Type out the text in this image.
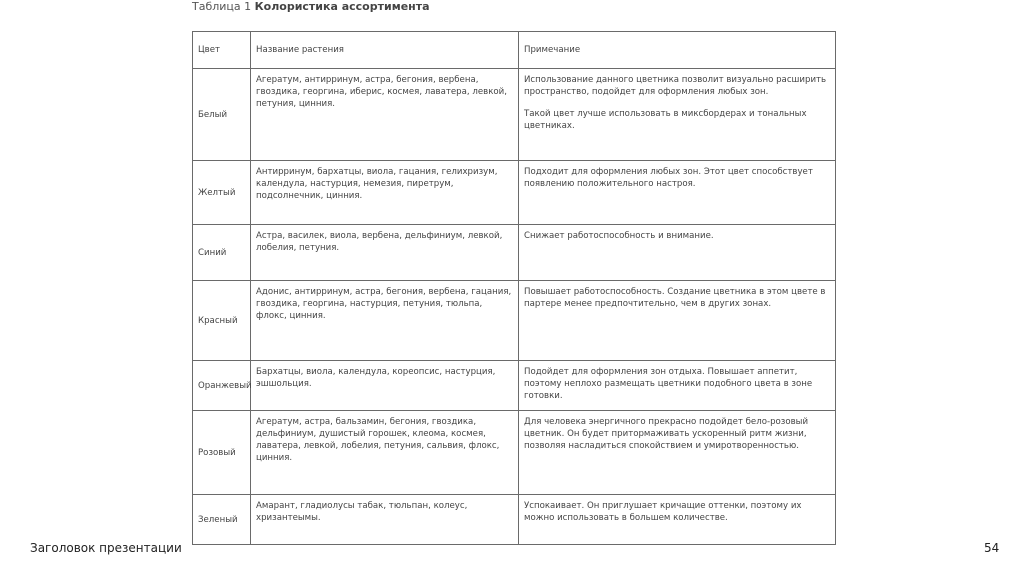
Таблица 1 Колористика ассортимента
Цвет	Название растения	Примечание
Белый	Агератум, антирринум, астра, бегония, вербена, гвоздика, георгина, иберис, космея, лаватера, левкой, петуния, цинния.	Использование данного цветника позволит визуально расширить пространство, подойдет для оформления любых зон.

Такой цвет лучше использовать в миксбордерах и тональных цветниках.

Желтый	Антирринум, бархатцы, виола, гацания, гелихризум, календула, настурция, немезия, пиретрум, подсолнечник, цинния.	Подходит для оформления любых зон. Этот цвет способствует появлению положительного настроя.

Синий	Астра, василек, виола, вербена, дельфиниум, левкой, лобелия, петуния.	Снижает работоспособность и внимание.

Красный	Адонис, антирринум, астра, бегония, вербена, гацания, гвоздика, георгина, настурция, петуния, тюльпа, флокс, цинния.	Повышает работоспособность. Создание цветника в этом цвете в партере менее предпочтительно, чем в других зонах.

Оранжевый	Бархатцы, виола, календула, кореопсис, настурция, эшшольция.	Подойдет для оформления зон отдыха. Повышает аппетит, поэтому неплохо размещать цветники подобного цвета в зоне готовки.

Розовый	Агератум, астра, бальзамин, бегония, гвоздика, дельфиниум, душистый горошек, клеома, космея, лаватера, левкой, лобелия, петуния, сальвия, флокс, цинния.	Для человека энергичного прекрасно подойдет бело-розовый цветник. Он будет притормаживать ускоренный ритм жизни, позволяя насладиться спокойствием и умиротворенностью.

Зеленый	Амарант, гладиолусы табак, тюльпан, колеус, хризантеымы.	Успокаивает. Он приглушает кричащие оттенки, поэтому их можно использовать в большем количестве.

Заголовок презентации	54
